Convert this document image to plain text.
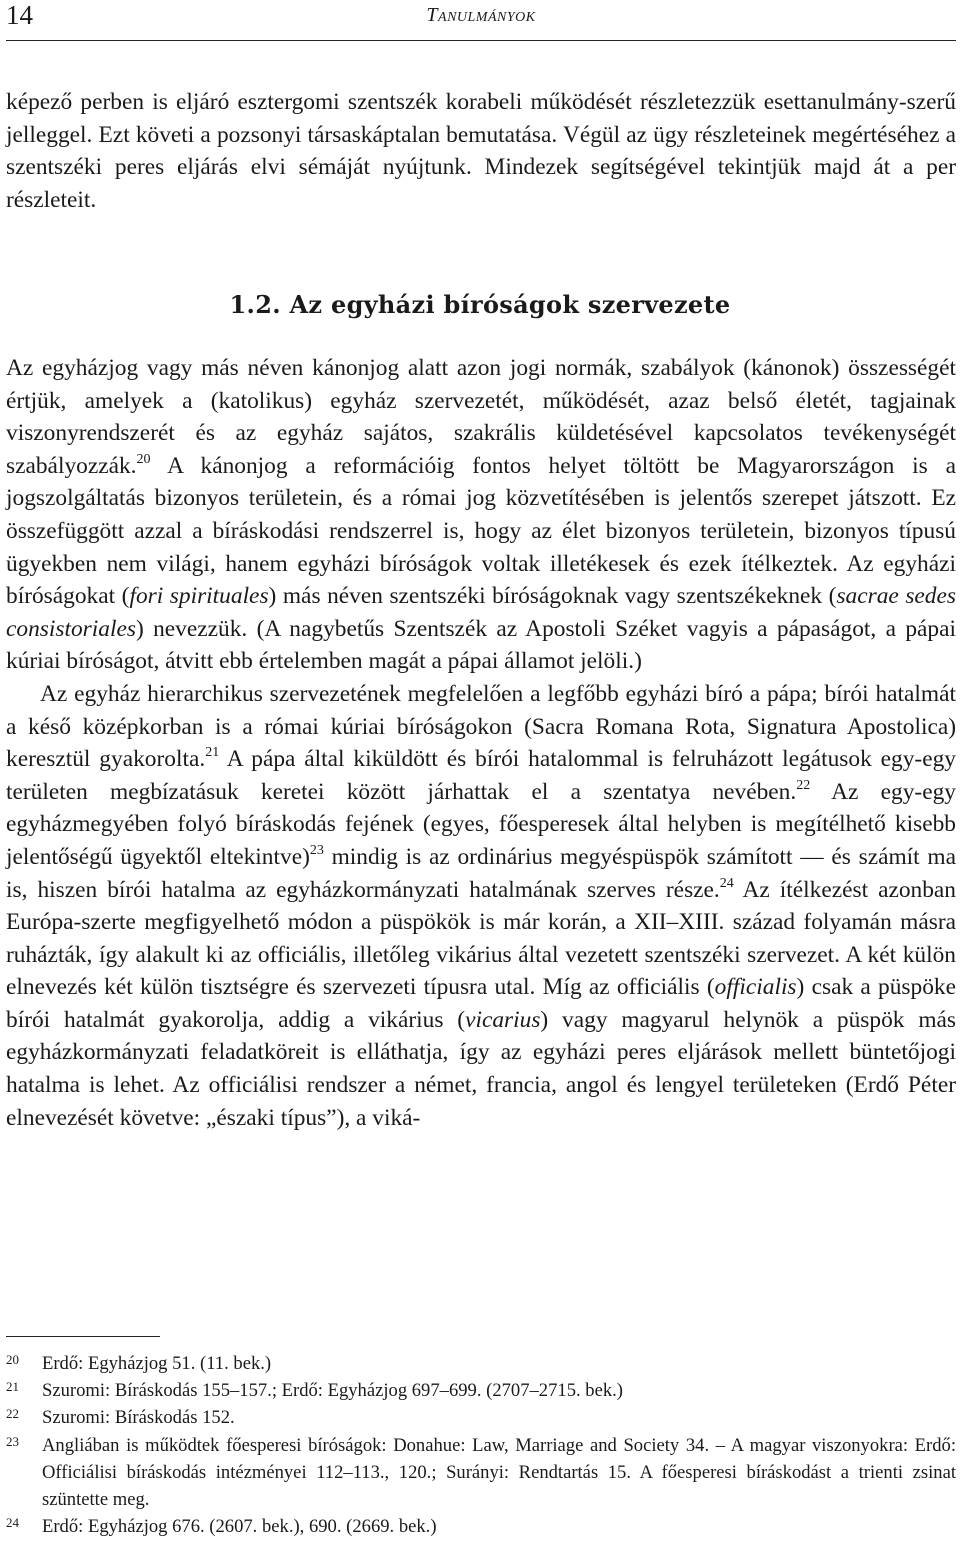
14	Tanulmányok
képező perben is eljáró esztergomi szentszék korabeli működését részletezzük esettanulmány-szerű jelleggel. Ezt követi a pozsonyi társaskáptalan bemutatása. Végül az ügy részleteinek megértéséhez a szentszéki peres eljárás elvi sémáját nyújtunk. Mindezek segítségével tekintjük majd át a per részleteit.
1.2. Az egyházi bíróságok szervezete

Az egyházjog vagy más néven kánonjog alatt azon jogi normák, szabályok (kánonok) összességét értjük, amelyek a (katolikus) egyház szervezetét, működését, azaz belső életét, tagjainak viszonyrendszerét és az egyház sajátos, szakrális küldetésével kapcsolatos tevékenységét szabályozzák.$^{20}$ A kánonjog a reformációig fontos helyet töltött be Magyarországon is a jogszolgáltatás bizonyos területein, és a római jog közvetítésében is jelentős szerepet játszott. Ez összefüggött azzal a bíráskodási rendszerrel is, hogy az élet bizonyos területein, bizonyos típusú ügyekben nem világi, hanem egyházi bíróságok voltak illetékesek és ezek ítélkeztek. Az egyházi bíróságokat (fori spirituales) más néven szentszéki bíróságoknak vagy szentszékeknek (sacrae sedes consistoriales) nevezzük. (A nagybetűs Szentszék az Apostoli Széket vagyis a pápaságot, a pápai kúriai bíróságot, átvitt ebb értelemben magát a pápai államot jelöli.)

Az egyház hierarchikus szervezetének megfelelően a legfőbb egyházi bíró a pápa; bírói hatalmát a késő középkorban is a római kúriai bíróságokon (Sacra Romana Rota, Signatura Apostolica) keresztül gyakorolta.$^{21}$ A pápa által kiküldött és bírói hatalommal is felruházott legátusok egy-egy területen megbízatásuk keretei között járhattak el a szentatya nevében.$^{22}$ Az egy-egy egyházmegyében folyó bíráskodás fejének (egyes, főesperesek által helyben is megítélhető kisebb jelentőségű ügyektől eltekintve)$^{23}$ mindig is az ordinárius megyéspüspök számított — és számít ma is, hiszen bírói hatalma az egyházkormányzati hatalmának szerves része.$^{24}$ Az ítélkezést azonban Európa-szerte megfigyelhető módon a püspökök is már korán, a XII–XIII. század folyamán másra ruházták, így alakult ki az officiális, illetőleg vikárius által vezetett szentszéki szervezet. A két külön elnevezés két külön tisztségre és szervezeti típusra utal. Míg az officiális (officialis) csak a püspöke bírói hatalmát gyakorolja, addig a vikárius (vicarius) vagy magyarul helynök a püspök más egyházkormányzati feladatköreit is elláthatja, így az egyházi peres eljárások mellett büntetőjogi hatalma is lehet. Az officiálisi rendszer a német, francia, angol és lengyel területeken (Erdő Péter elnevezését követve: „északi típus”), a viká-

20 Erdő: Egyházjog 51. (11. bek.)
21 Szuromi: Bíráskodás 155–157.; Erdő: Egyházjog 697–699. (2707–2715. bek.)
22 Szuromi: Bíráskodás 152.
23 Angliában is működtek főesperesi bíróságok: Donahue: Law, Marriage and Society 34. – A magyar viszonyokra: Erdő: Officiálisi bíráskodás intézményei 112–113., 120.; Surányi: Rendtartás 15. A főesperesi bíráskodást a trienti zsinat szüntette meg.
24 Erdő: Egyházjog 676. (2607. bek.), 690. (2669. bek.)
